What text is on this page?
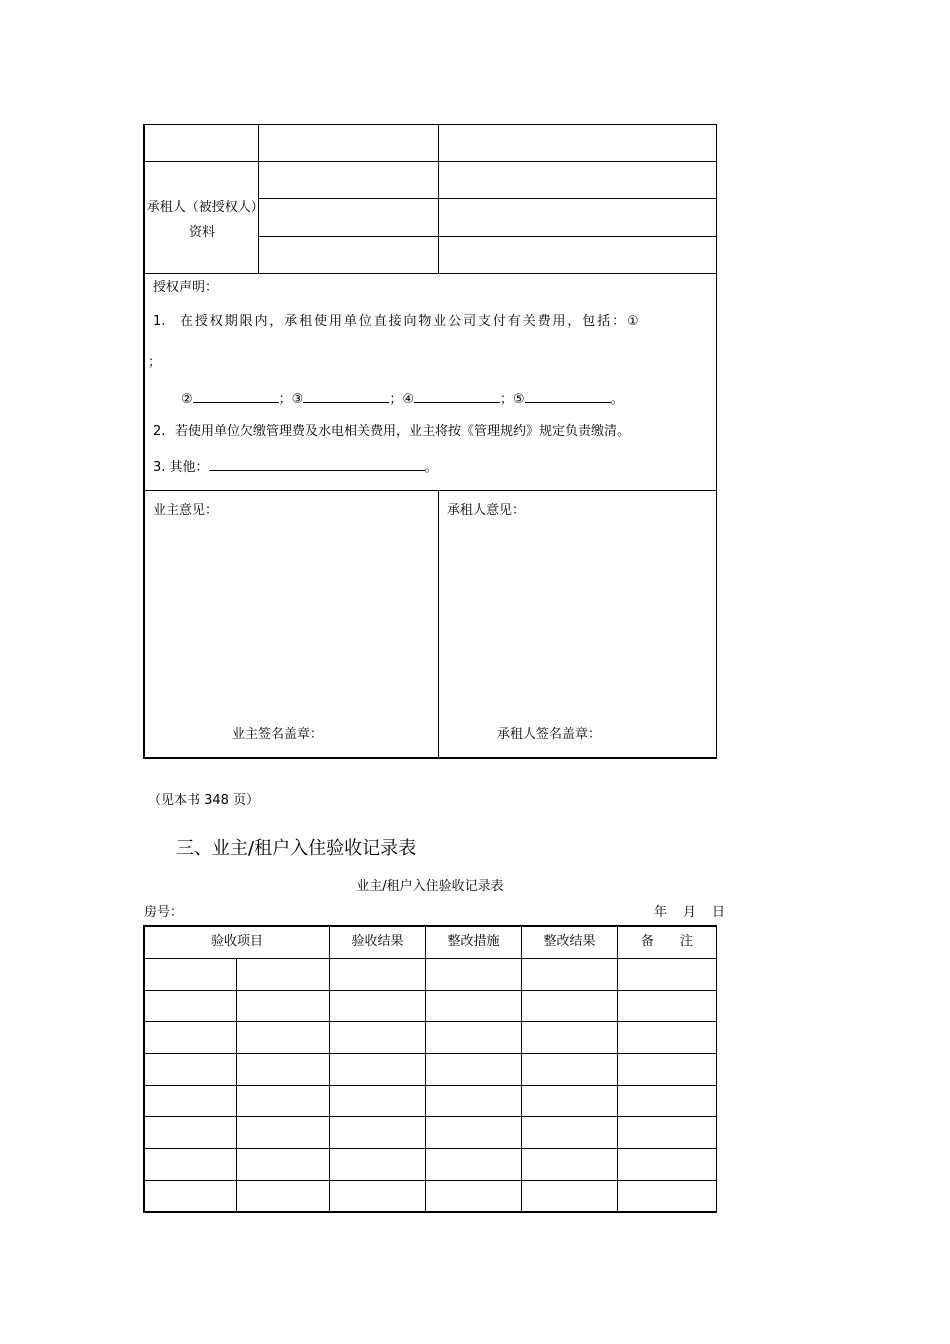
承租人（被授权人）资料
授权声明：
1. 在授权期限内，承租使用单位直接向物业公司支付有关费用，包括：①
；
②	；③	；④	；⑤	。
2. 若使用单位欠缴管理费及水电相关费用，业主将按《管理规约》规定负责缴清。
3. 其他：	。
业主意见：	承租人意见：
业主签名盖章：	承租人签名盖章：
（见本书 348 页）
三、业主/租户入住验收记录表
业主/租户入住验收记录表
房号：	年 月 日
验收项目	验收结果	整改措施	整改结果	备　　注
